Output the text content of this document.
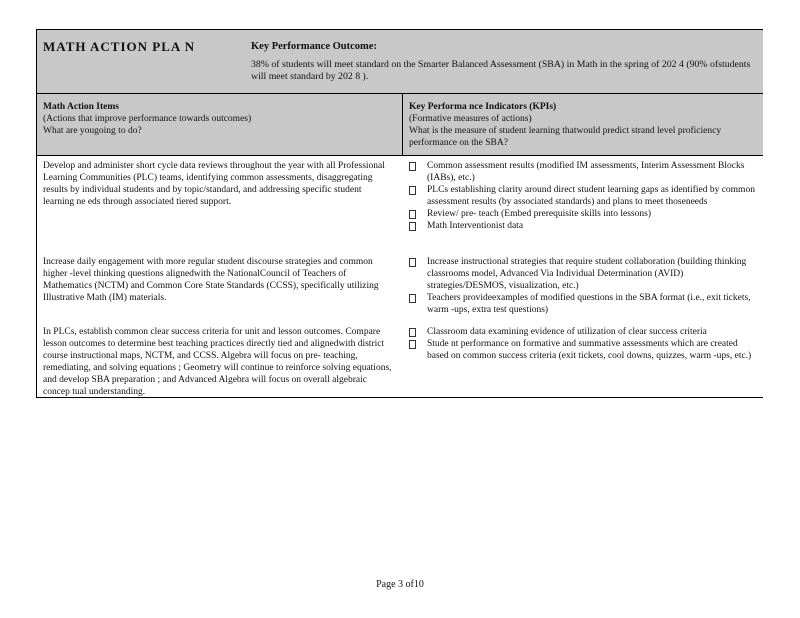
MATH ACTION PLA N	Key Performance Outcome:
38% of students will meet standard on the Smarter Balanced Assessment (SBA) in Math in the spring of 202 4 (90% ofstudents will meet standard by 202 8 ).
Math Action Items
(Actions that improve performance towards outcomes)
What are yougoing to do?
Key Performa nce Indicators (KPIs)
(Formative measures of actions)
What is the measure of student learning thatwould predict strand level proficiency performance on the SBA?
Develop and administer short cycle data reviews throughout the year with all Professional Learning Communities (PLC) teams, identifying common assessments, disaggregating results by individual students and by topic/standard, and addressing specific student learning ne eds through associated tiered support.
Common assessment results (modified IM assessments, Interim Assessment Blocks (IABs), etc.)
PLCs establishing clarity around direct student learning gaps as identified by common assessment results (by associated standards) and plans to meet thoseneeds
Review/ pre- teach (Embed prerequisite skills into lessons)
Math Interventionist data
Increase daily engagement with more regular student discourse strategies and common higher -level thinking questions alignedwith the NationalCouncil of Teachers of Mathematics (NCTM) and Common Core State Standards (CCSS), specifically utilizing Illustrative Math (IM) materials.
Increase instructional strategies that require student collaboration (building thinking classrooms model, Advanced Via Individual Determination (AVID) strategies/DESMOS, visualization, etc.)
Teachers provideexamples of modified questions in the SBA format (i.e., exit tickets, warm -ups, extra test questions)
In PLCs, establish common clear success criteria for unit and lesson outcomes. Compare lesson outcomes to determine best teaching practices directly tied and alignedwith district course instructional maps, NCTM, and CCSS. Algebra will focus on pre- teaching, remediating, and solving equations ; Geometry will continue to reinforce solving equations, and develop SBA preparation ; and Advanced Algebra will focus on overall algebraic concep tual understanding.
Classroom data examining evidence of utilization of clear success criteria
Stude nt performance on formative and summative assessments which are created based on common success criteria (exit tickets, cool downs, quizzes, warm -ups, etc.)
Page 3 of10
